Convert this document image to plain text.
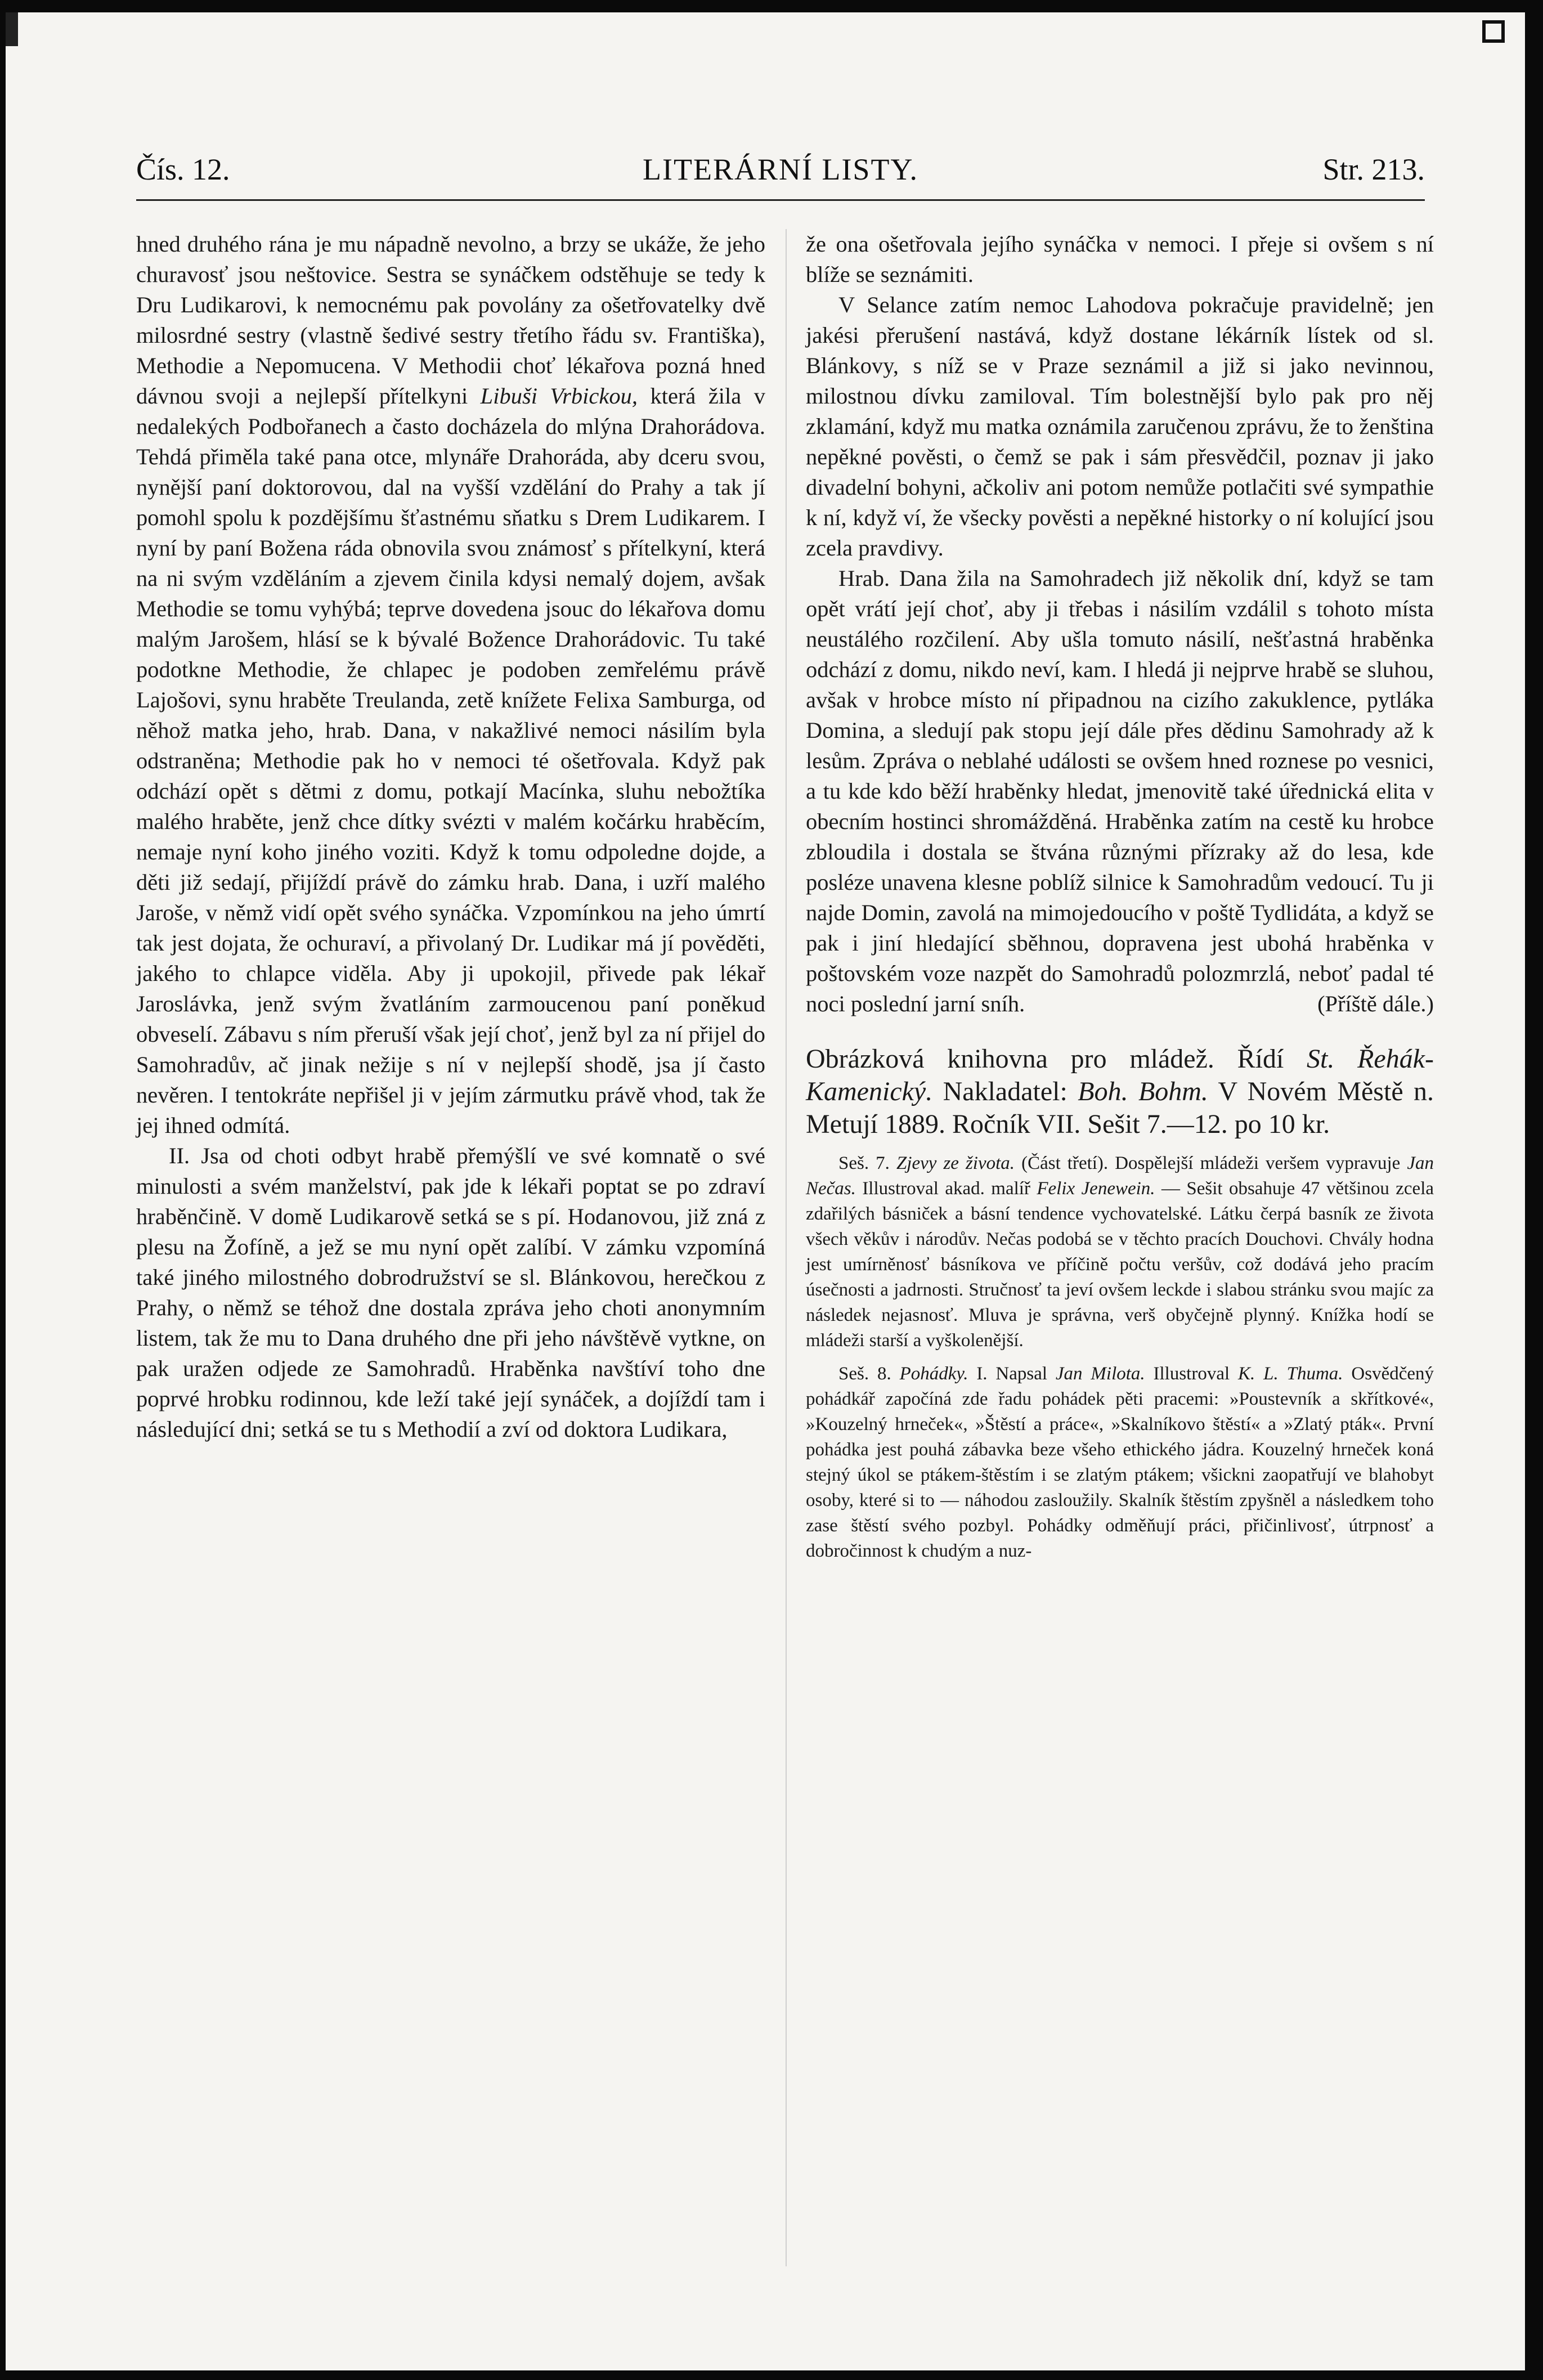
Čís. 12.	LITERÁRNÍ LISTY.	Str. 213.

hned druhého rána je mu nápadně nevolno, a brzy se ukáže, že jeho churavosť jsou neštovice. Sestra se synáčkem odstěhuje se tedy k Dru Ludikarovi, k nemocnému pak povolány za ošetřovatelky dvě milosrdné sestry (vlastně šedivé sestry třetího řádu sv. Františka), Methodie a Nepomucena. V Methodii choť lékařova pozná hned dávnou svoji a nejlepší přítelkyni Libuši Vrbickou, která žila v nedalekých Podbořanech a často docházela do mlýna Drahorádova. Tehdá přiměla také pana otce, mlynáře Drahoráda, aby dceru svou, nynější paní doktorovou, dal na vyšší vzdělání do Prahy a tak jí pomohl spolu k pozdějšímu šťastnému sňatku s Drem Ludikarem. I nyní by paní Božena ráda obnovila svou známosť s přítelkyní, která na ni svým vzděláním a zjevem činila kdysi nemalý dojem, avšak Methodie se tomu vyhýbá; teprve dovedena jsouc do lékařova domu malým Jarošem, hlásí se k bývalé Božence Drahorádovic. Tu také podotkne Methodie, že chlapec je podoben zemřelému právě Lajošovi, synu hraběte Treulanda, zetě knížete Felixa Samburga, od něhož matka jeho, hrab. Dana, v nakažlivé nemoci násilím byla odstraněna; Methodie pak ho v nemoci té ošetřovala. Když pak odchází opět s dětmi z domu, potkají Macínka, sluhu nebožtíka malého hraběte, jenž chce dítky svézti v malém kočárku hraběcím, nemaje nyní koho jiného voziti. Když k tomu odpoledne dojde, a děti již sedají, přijíždí právě do zámku hrab. Dana, i uzří malého Jaroše, v němž vidí opět svého synáčka. Vzpomínkou na jeho úmrtí tak jest dojata, že ochuraví, a přivolaný Dr. Ludikar má jí pověděti, jakého to chlapce viděla. Aby ji upokojil, přivede pak lékař Jaroslávka, jenž svým žvatláním zarmoucenou paní poněkud obveselí. Zábavu s ním přeruší však její choť, jenž byl za ní přijel do Samohradův, ač jinak nežije s ní v nejlepší shodě, jsa jí často nevěren. I tentokráte nepřišel ji v jejím zármutku právě vhod, tak že jej ihned odmítá.

II. Jsa od choti odbyt hrabě přemýšlí ve své komnatě o své minulosti a svém manželství, pak jde k lékaři poptat se po zdraví hraběnčině. V domě Ludikarově setká se s pí. Hodanovou, již zná z plesu na Žofíně, a jež se mu nyní opět zalíbí. V zámku vzpomíná také jiného milostného dobrodružství se sl. Blánkovou, herečkou z Prahy, o němž se téhož dne dostala zpráva jeho choti anonymním listem, tak že mu to Dana druhého dne při jeho návštěvě vytkne, on pak uražen odjede ze Samohradů. Hraběnka navštíví toho dne poprvé hrobku rodinnou, kde leží také její synáček, a dojíždí tam i následující dni; setká se tu s Methodií a zví od doktora Ludikara,

že ona ošetřovala jejího synáčka v nemoci. I přeje si ovšem s ní blíže se seznámiti.

V Selance zatím nemoc Lahodova pokračuje pravidelně; jen jakési přerušení nastává, když dostane lékárník lístek od sl. Blánkovy, s níž se v Praze seznámil a již si jako nevinnou, milostnou dívku zamiloval. Tím bolestnější bylo pak pro něj zklamání, když mu matka oznámila zaručenou zprávu, že to ženština nepěkné pověsti, o čemž se pak i sám přesvědčil, poznav ji jako divadelní bohyni, ačkoliv ani potom nemůže potlačiti své sympathie k ní, když ví, že všecky pověsti a nepěkné historky o ní kolující jsou zcela pravdivy.

Hrab. Dana žila na Samohradech již několik dní, když se tam opět vrátí její choť, aby ji třebas i násilím vzdálil s tohoto místa neustálého rozčilení. Aby ušla tomuto násilí, nešťastná hraběnka odchází z domu, nikdo neví, kam. I hledá ji nejprve hrabě se sluhou, avšak v hrobce místo ní připadnou na cizího zakuklence, pytláka Domina, a sledují pak stopu její dále přes dědinu Samohrady až k lesům. Zpráva o neblahé události se ovšem hned roznese po vesnici, a tu kde kdo běží hraběnky hledat, jmenovitě také úřednická elita v obecním hostinci shromážděná. Hraběnka zatím na cestě ku hrobce zbloudila i dostala se štvána různými přízraky až do lesa, kde posléze unavena klesne poblíž silnice k Samohradům vedoucí. Tu ji najde Domin, zavolá na mimojedoucího v poště Tydlidáta, a když se pak i jiní hledající sběhnou, dopravena jest ubohá hraběnka v poštovském voze nazpět do Samohradů polozmrzlá, neboť padal té noci poslední jarní sníh.	(Příště dále.)

Obrázková knihovna pro mládež. Řídí St. Řehák-Kamenický. Nakladatel: Boh. Bohm. V Novém Městě n. Metují 1889. Ročník VII. Sešit 7.—12. po 10 kr.

Seš. 7. Zjevy ze života. (Část třetí). Dospělejší mládeži veršem vypravuje Jan Nečas. Illustroval akad. malíř Felix Jenewein. — Sešit obsahuje 47 většinou zcela zdařilých básniček a básní tendence vychovatelské. Látku čerpá basník ze života všech věkův i národův. Nečas podobá se v těchto pracích Douchovi. Chvály hodna jest umírněnosť básníkova ve příčině počtu veršův, což dodává jeho pracím úsečnosti a jadrnosti. Stručnosť ta jeví ovšem leckde i slabou stránku svou majíc za následek nejasnosť. Mluva je správna, verš obyčejně plynný. Knížka hodí se mládeži starší a vyškolenější.

Seš. 8. Pohádky. I. Napsal Jan Milota. Illustroval K. L. Thuma. Osvědčený pohádkář započíná zde řadu pohádek pěti pracemi: »Poustevník a skřítkové«, »Kouzelný hrneček«, »Štěstí a práce«, »Skalníkovo štěstí« a »Zlatý pták«. První pohádka jest pouhá zábavka beze všeho ethického jádra. Kouzelný hrneček koná stejný úkol se ptákem-štěstím i se zlatým ptákem; všickni zaopatřují ve blahobyt osoby, které si to — náhodou zasloužily. Skalník štěstím zpyšněl a následkem toho zase štěstí svého pozbyl. Pohádky odměňují práci, přičinlivosť, útrpnosť a dobročinnost k chudým a nuz-
